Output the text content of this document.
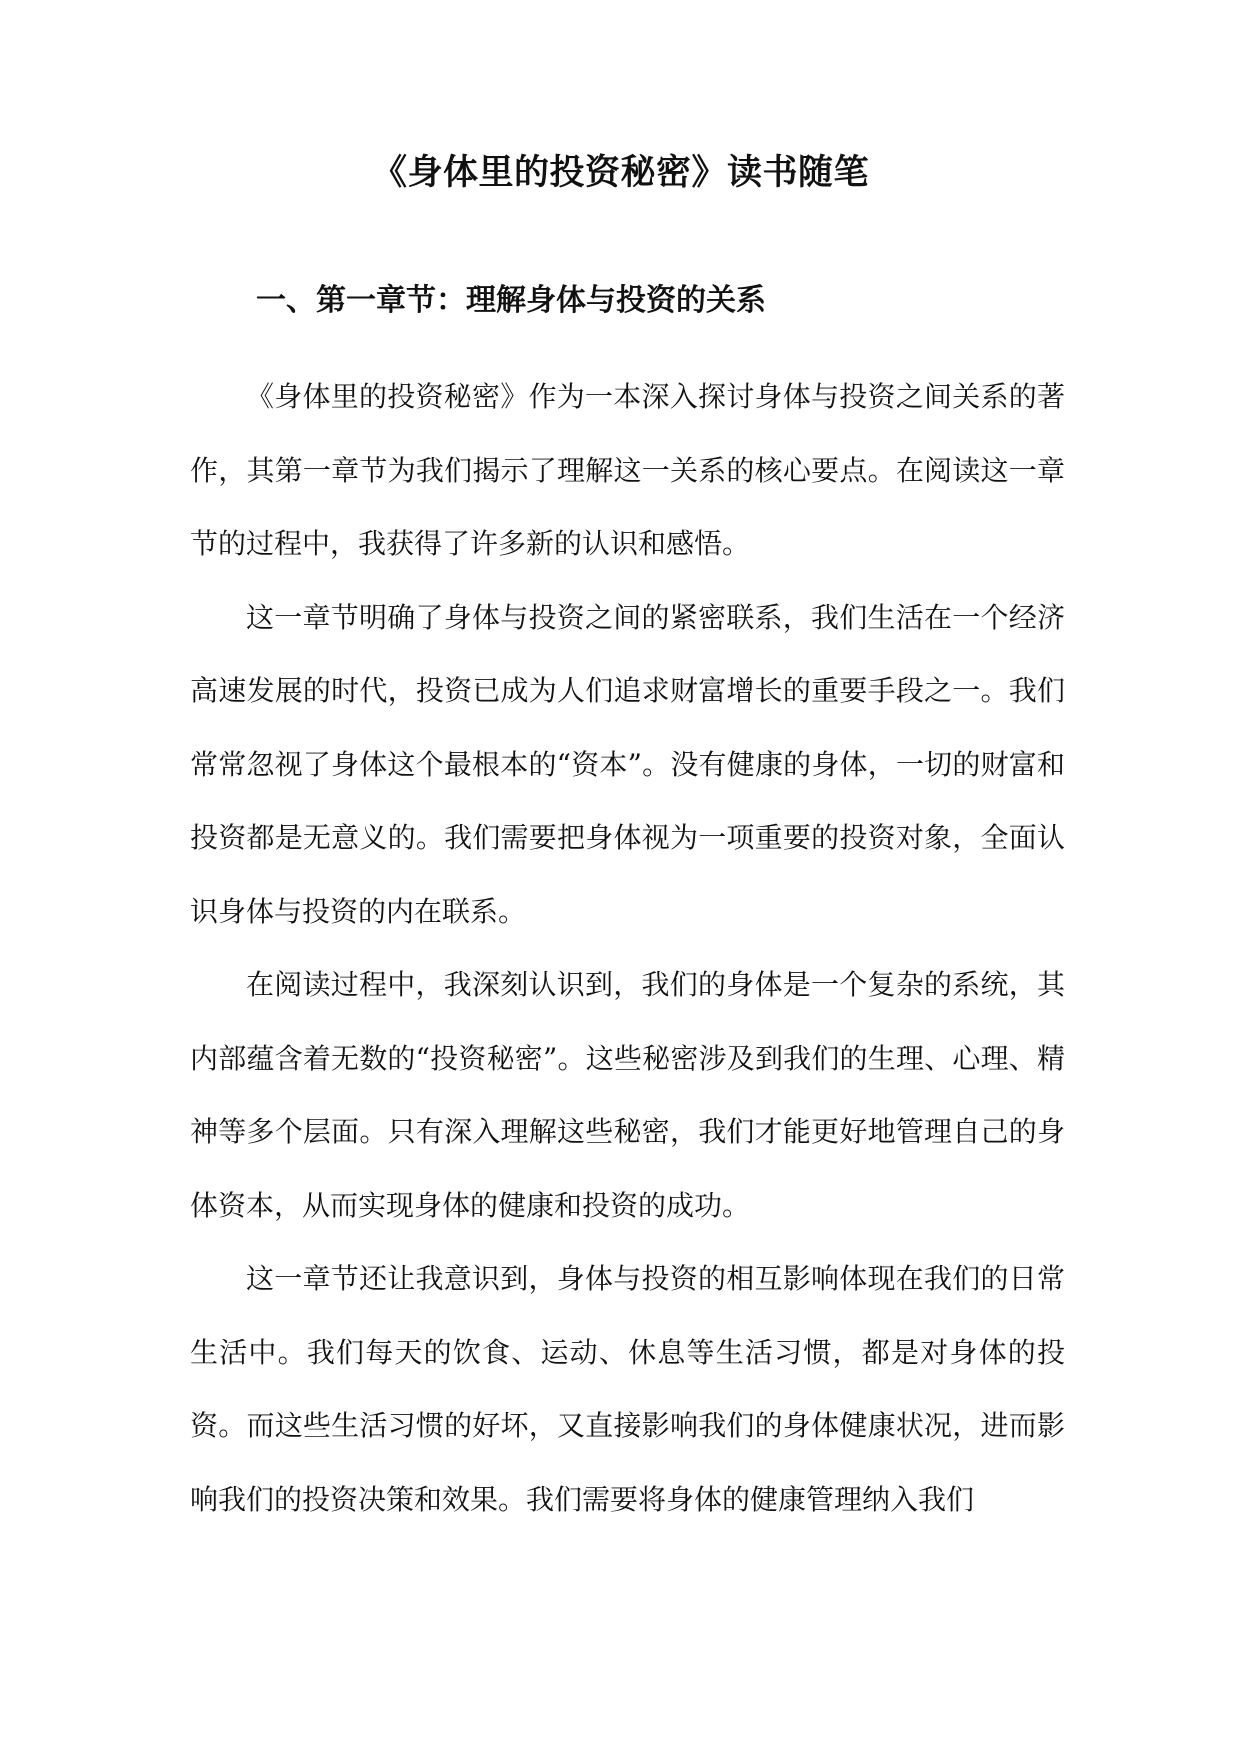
《身体里的投资秘密》读书随笔
一、第一章节：理解身体与投资的关系

《身体里的投资秘密》作为一本深入探讨身体与投资之间关系的著作，其第一章节为我们揭示了理解这一关系的核心要点。在阅读这一章节的过程中，我获得了许多新的认识和感悟。

这一章节明确了身体与投资之间的紧密联系，我们生活在一个经济高速发展的时代，投资已成为人们追求财富增长的重要手段之一。我们常常忽视了身体这个最根本的“资本”。没有健康的身体，一切的财富和投资都是无意义的。我们需要把身体视为一项重要的投资对象，全面认识身体与投资的内在联系。

在阅读过程中，我深刻认识到，我们的身体是一个复杂的系统，其内部蕴含着无数的“投资秘密”。这些秘密涉及到我们的生理、心理、精神等多个层面。只有深入理解这些秘密，我们才能更好地管理自己的身体资本，从而实现身体的健康和投资的成功。

这一章节还让我意识到，身体与投资的相互影响体现在我们的日常生活中。我们每天的饮食、运动、休息等生活习惯，都是对身体的投资。而这些生活习惯的好坏，又直接影响我们的身体健康状况，进而影响我们的投资决策和效果。我们需要将身体的健康管理纳入我们
